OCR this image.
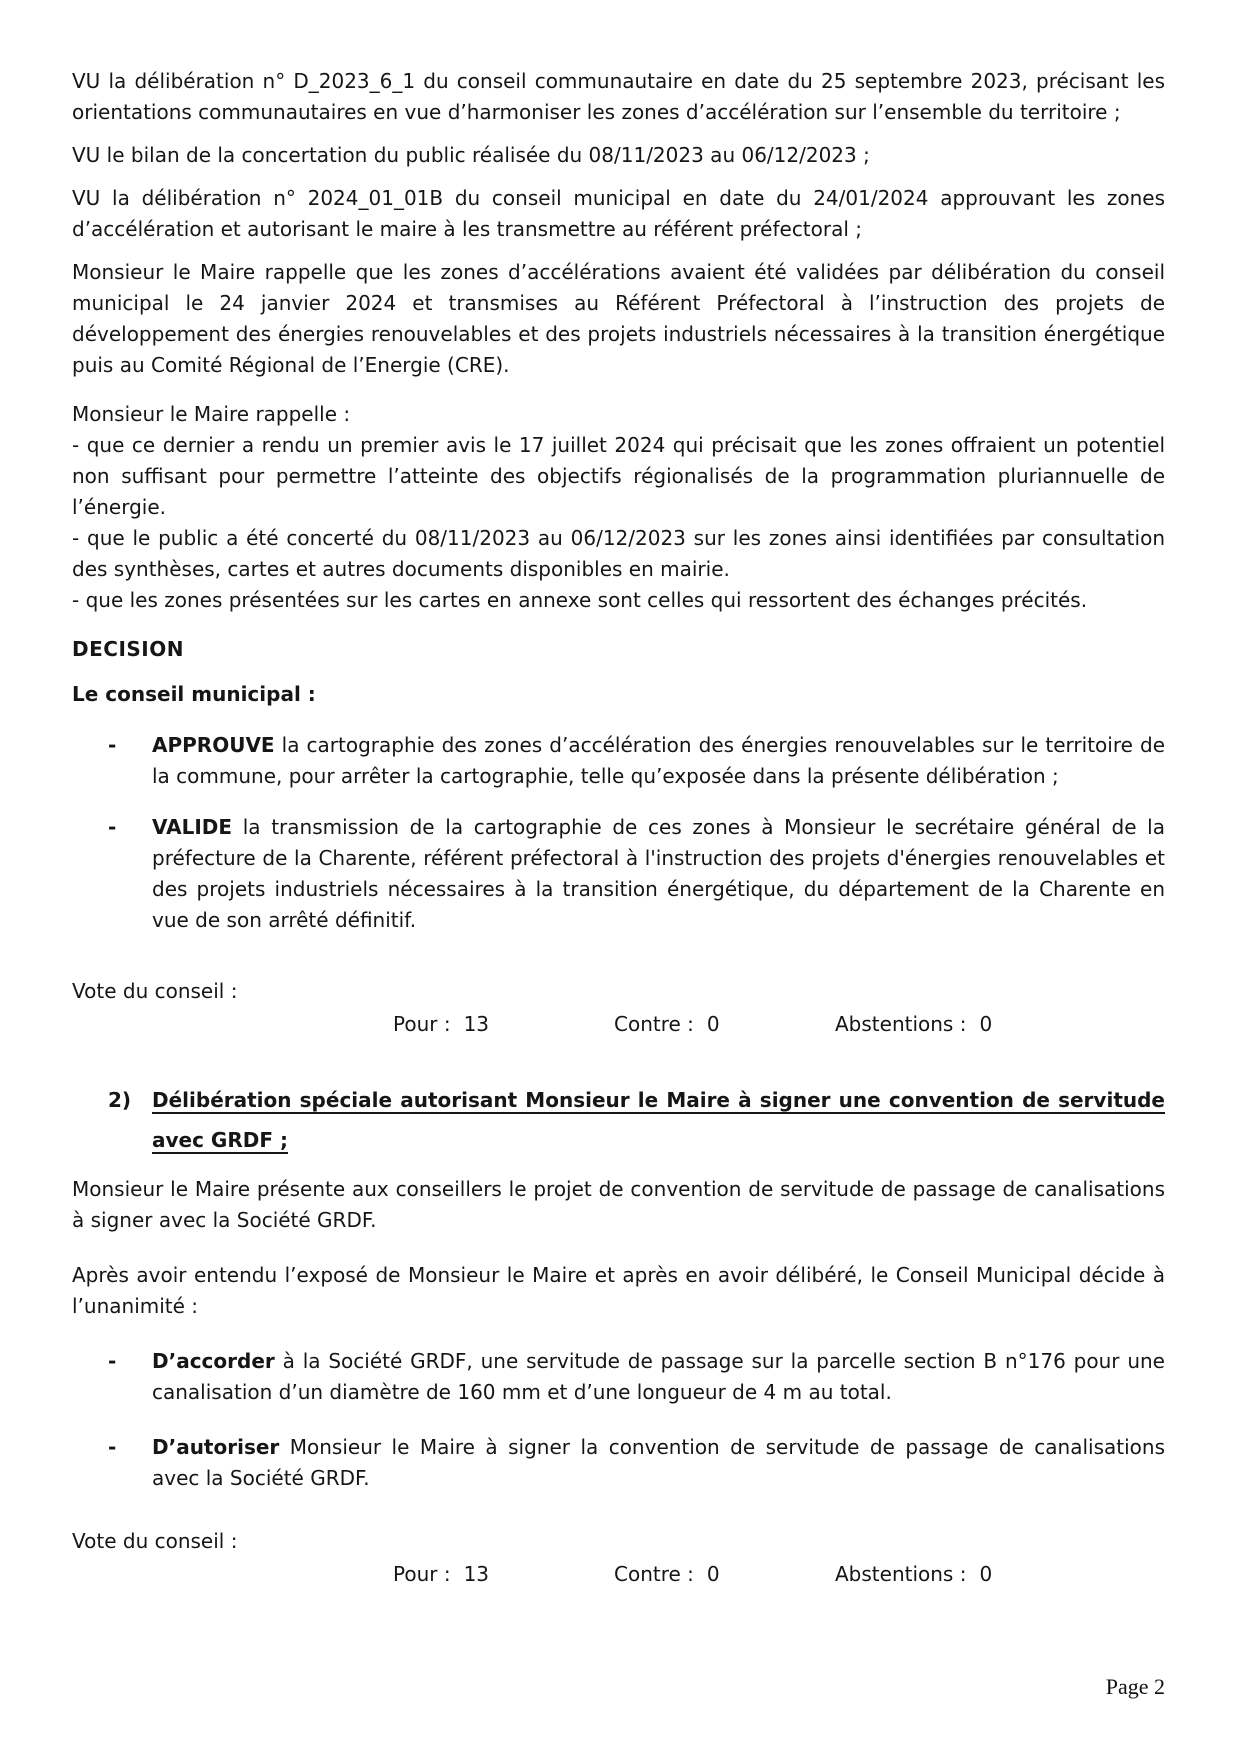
VU la délibération n° D_2023_6_1 du conseil communautaire en date du 25 septembre 2023, précisant les orientations communautaires en vue d’harmoniser les zones d’accélération sur l’ensemble du territoire ;

VU le bilan de la concertation du public réalisée du 08/11/2023 au 06/12/2023 ;

VU la délibération n° 2024_01_01B du conseil municipal en date du 24/01/2024 approuvant les zones d’accélération et autorisant le maire à les transmettre au référent préfectoral ;

Monsieur le Maire rappelle que les zones d’accélérations avaient été validées par délibération du conseil municipal le 24 janvier 2024 et transmises au Référent Préfectoral à l’instruction des projets de développement des énergies renouvelables et des projets industriels nécessaires à la transition énergétique puis au Comité Régional de l’Energie (CRE).

Monsieur le Maire rappelle :

- que ce dernier a rendu un premier avis le 17 juillet 2024 qui précisait que les zones offraient un potentiel non suffisant pour permettre l’atteinte des objectifs régionalisés de la programmation pluriannuelle de l’énergie.

- que le public a été concerté du 08/11/2023 au 06/12/2023 sur les zones ainsi identifiées par consultation des synthèses, cartes et autres documents disponibles en mairie.

- que les zones présentées sur les cartes en annexe sont celles qui ressortent des échanges précités.

DECISION

Le conseil municipal :

-	APPROUVE la cartographie des zones d’accélération des énergies renouvelables sur le territoire de la commune, pour arrêter la cartographie, telle qu’exposée dans la présente délibération ;
-	VALIDE la transmission de la cartographie de ces zones à Monsieur le secrétaire général de la préfecture de la Charente, référent préfectoral à l'instruction des projets d'énergies renouvelables et des projets industriels nécessaires à la transition énergétique, du département de la Charente en vue de son arrêté définitif.

Vote du conseil :

Pour : 13	Contre : 0	Abstentions : 0
2)	Délibération spéciale autorisant Monsieur le Maire à signer une convention de servitude avec GRDF ;

Monsieur le Maire présente aux conseillers le projet de convention de servitude de passage de canalisations à signer avec la Société GRDF.

Après avoir entendu l’exposé de Monsieur le Maire et après en avoir délibéré, le Conseil Municipal décide à l’unanimité :

-	D’accorder à la Société GRDF, une servitude de passage sur la parcelle section B n°176 pour une canalisation d’un diamètre de 160 mm et d’une longueur de 4 m au total.
-	D’autoriser Monsieur le Maire à signer la convention de servitude de passage de canalisations avec la Société GRDF.

Vote du conseil :

Pour : 13	Contre : 0	Abstentions : 0
Page 2
